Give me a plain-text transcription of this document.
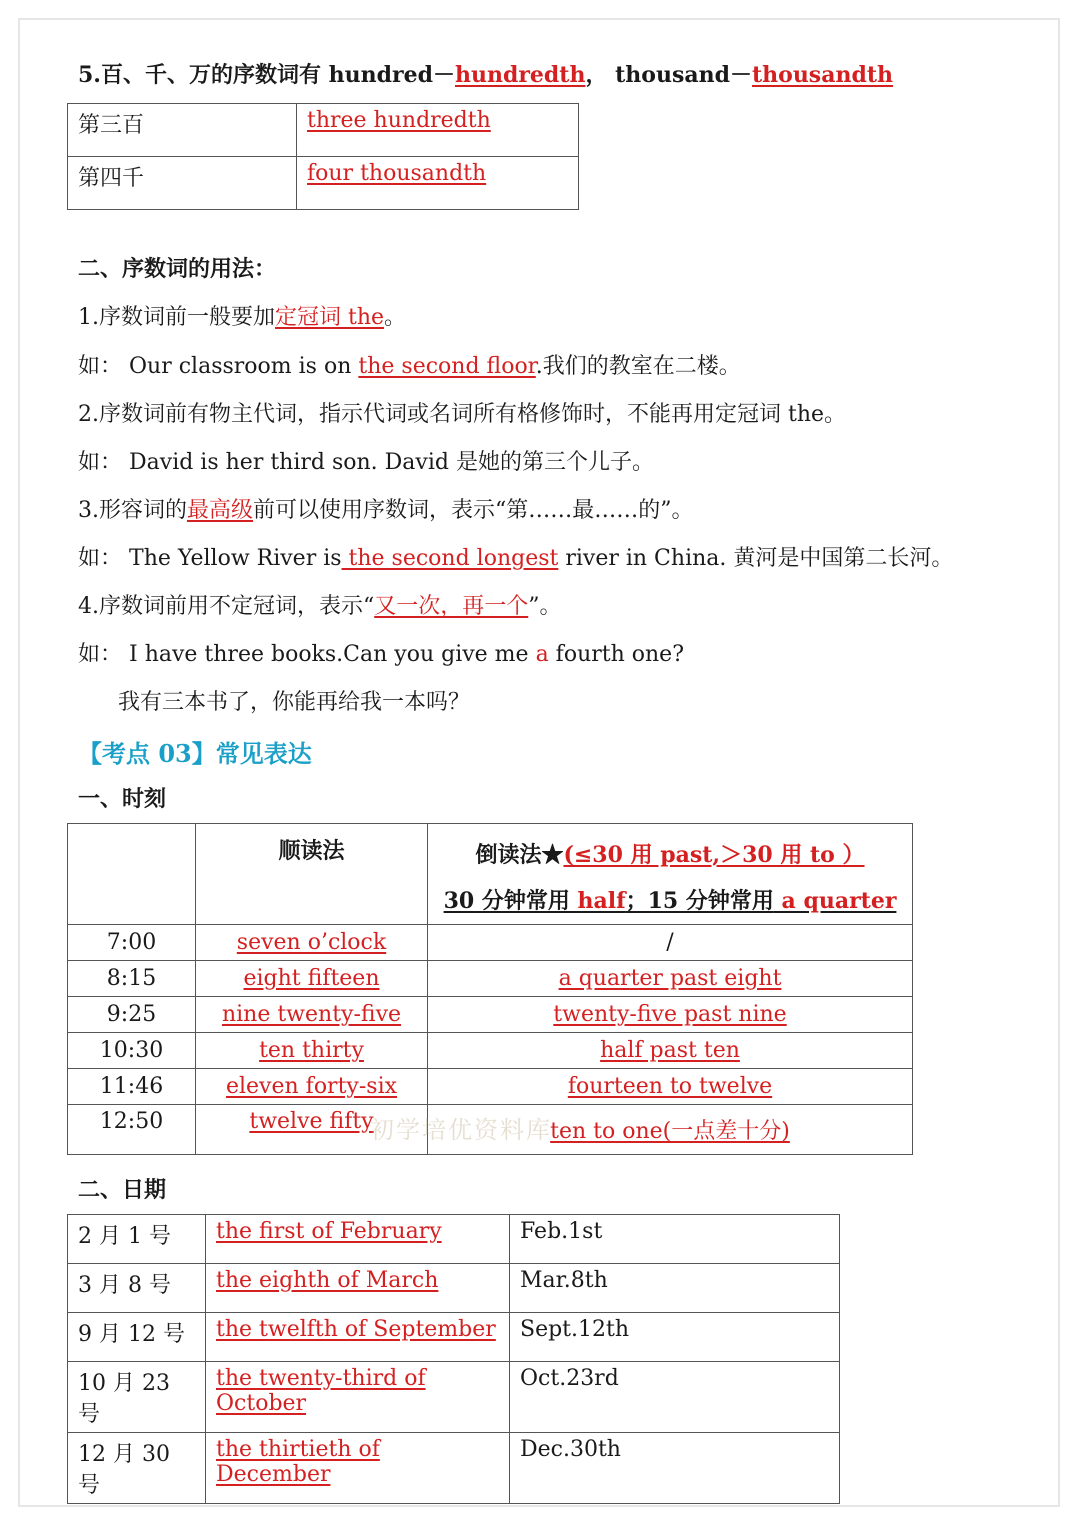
5.百、千、万的序数词有 hundred－hundredth， thousand－thousandth
第三百	three hundredth
第四千	four thousandth
二、序数词的用法：
1.序数词前一般要加定冠词 the。
如： Our classroom is on the second floor.我们的教室在二楼。
2.序数词前有物主代词，指示代词或名词所有格修饰时，不能再用定冠词 the。
如： David is her third son. David 是她的第三个儿子。
3.形容词的最高级前可以使用序数词，表示“第……最……的”。
如： The Yellow River is the second longest river in China. 黄河是中国第二长河。
4.序数词前用不定冠词，表示“又一次，再一个”。
如： I have three books.Can you give me a fourth one?
我有三本书了，你能再给我一本吗？
【考点 03】常见表达
一、时刻
	顺读法	倒读法★(≤30 用 past,＞30 用 to ）
30 分钟常用 half；15 分钟常用 a quarter
7:00	seven o’clock	/
8:15	eight fifteen	a quarter past eight
9:25	nine twenty-five	twenty-five past nine
10:30	ten thirty	half past ten
11:46	eleven forty-six	fourteen to twelve
12:50	twelve fifty	ten to one(一点差十分)
初学培优资料库
二、日期
2 月 1 号	the first of February	Feb.1st
3 月 8 号	the eighth of March	Mar.8th
9 月 12 号	the twelfth of September	Sept.12th
10 月 23 号	the twenty-third of October	Oct.23rd
12 月 30 号	the thirtieth of December	Dec.30th
